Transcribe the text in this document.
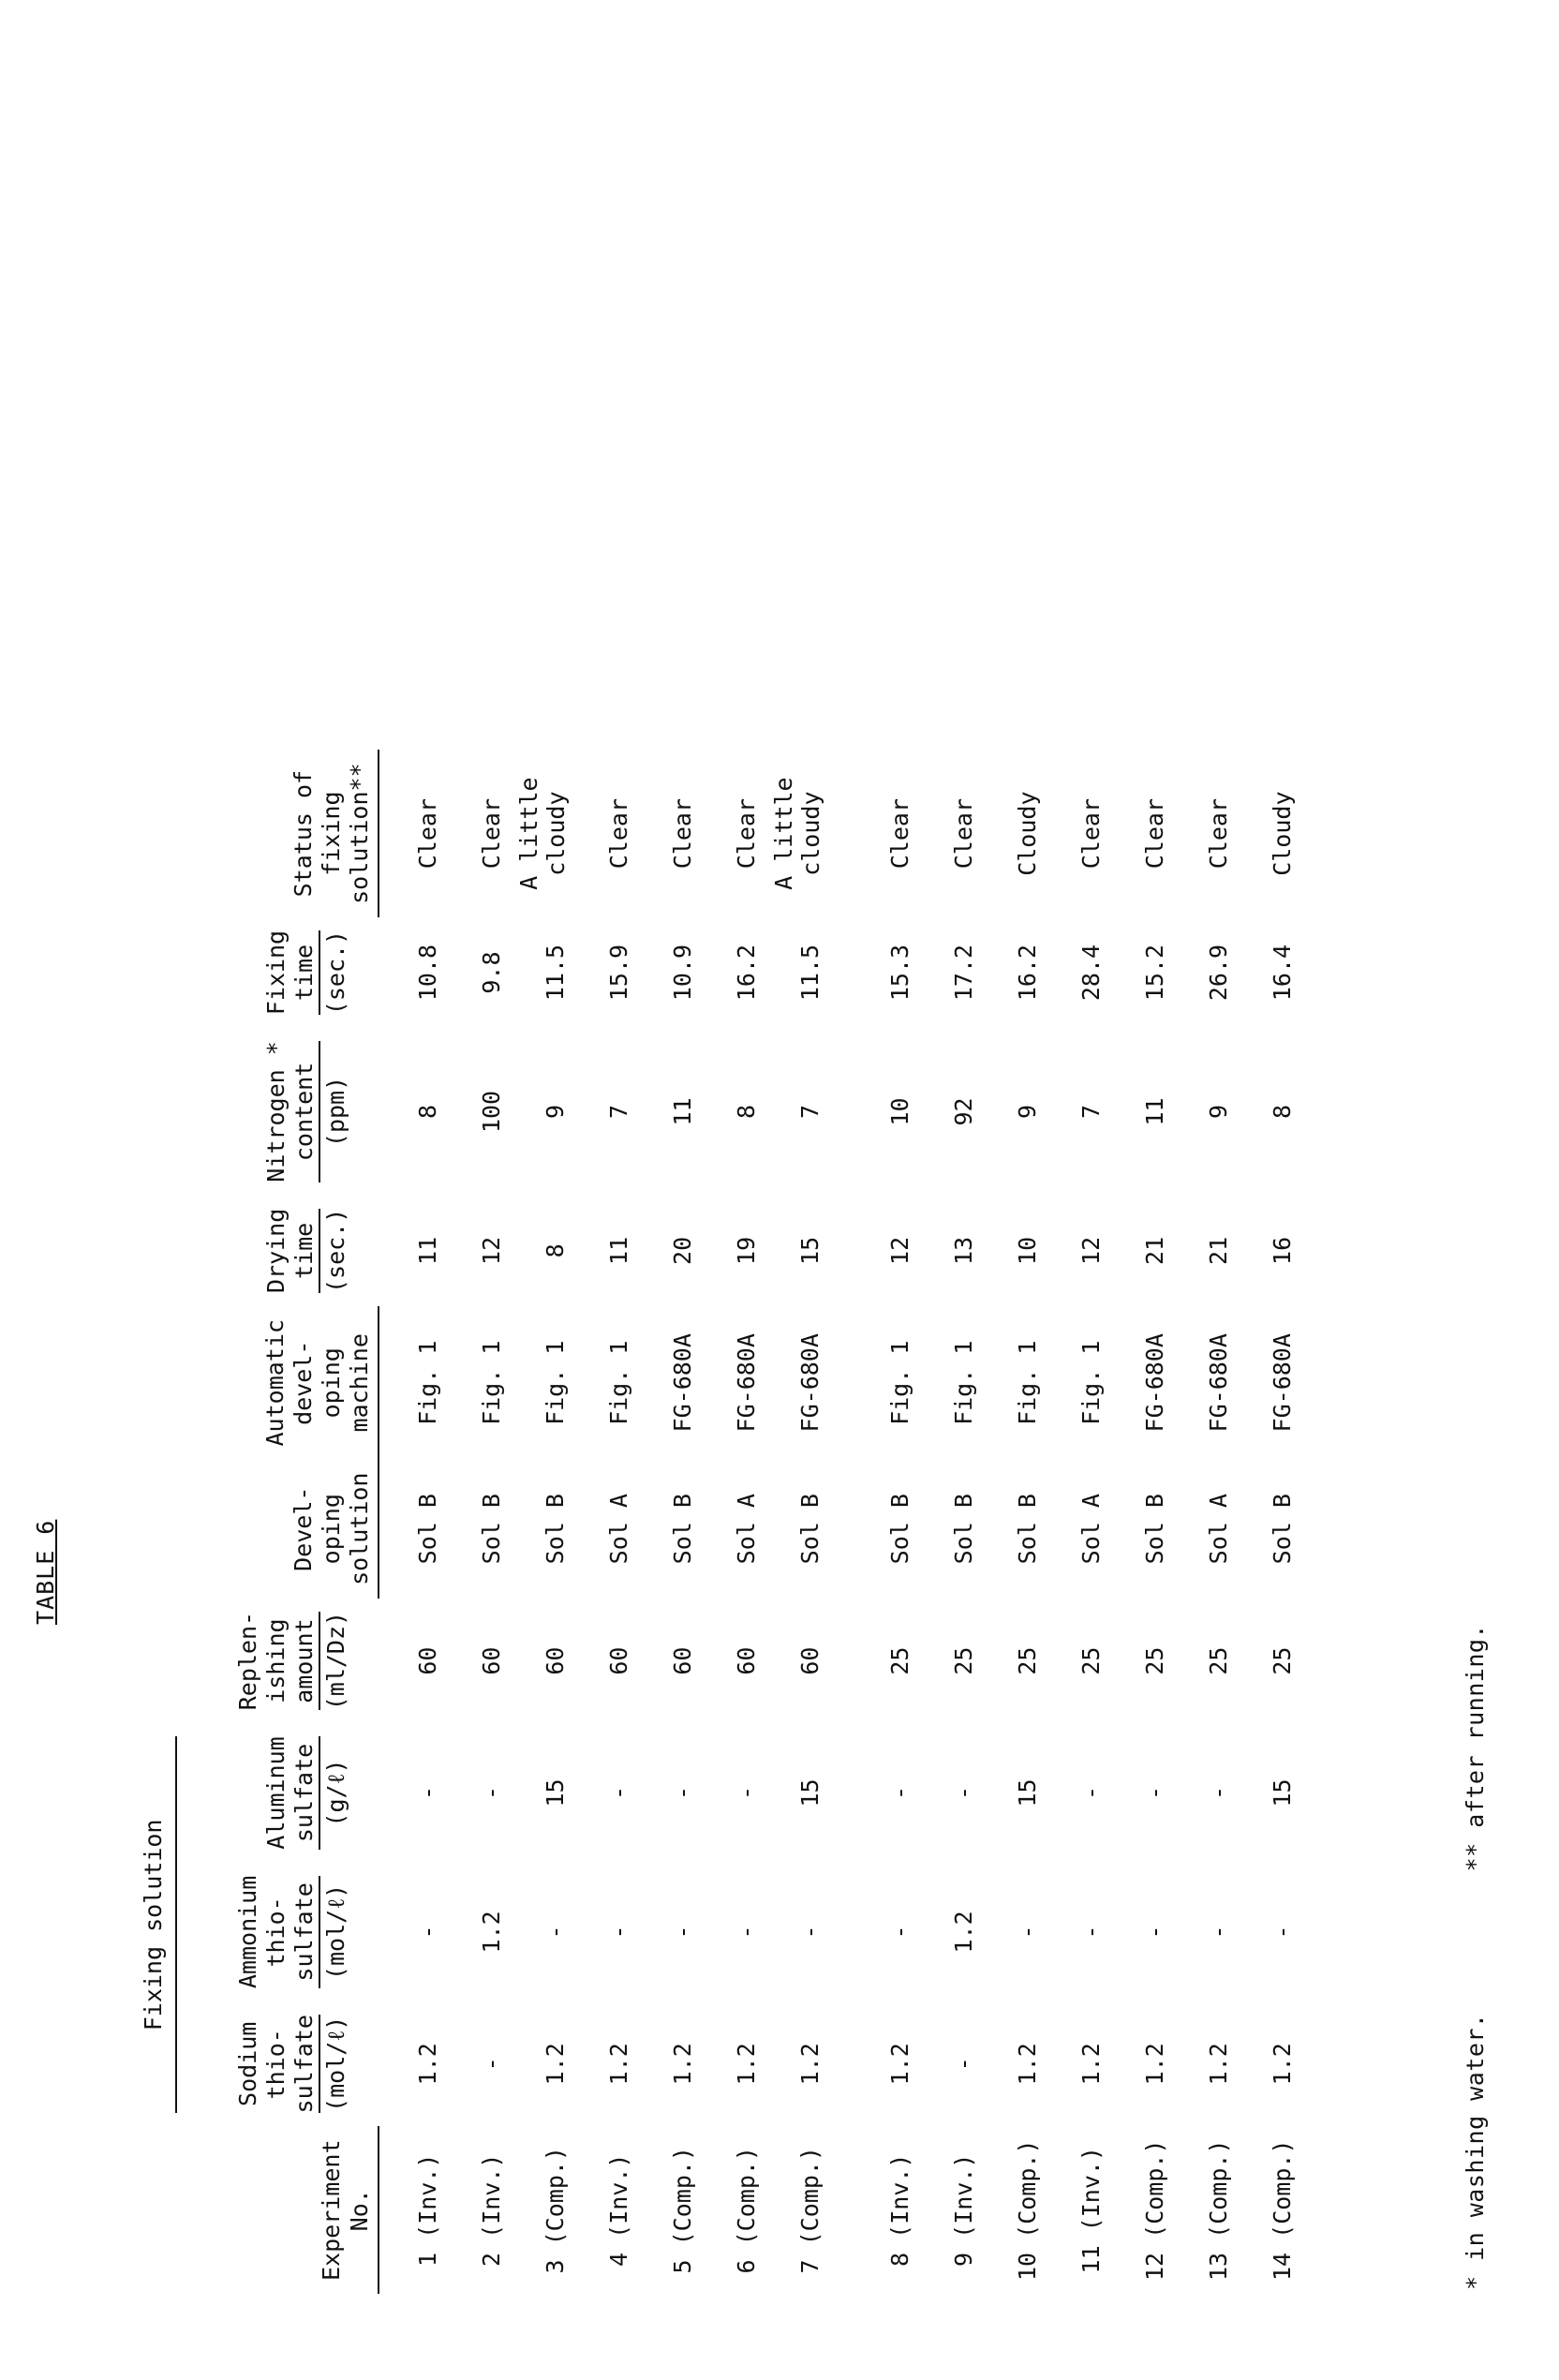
TABLE 6

Fixing solution		

Experiment
No.	Sodium
thio-
sulfate (mol/ℓ)	Ammonium
thio-
sulfate (mol/ℓ)	Aluminum
sulfate (g/ℓ)	Replen-
ishing
amount (ml/Dz)	Devel-
oping
solution	Automatic
devel-
oping
machine	Drying
time (sec.)	Nitrogen *
content (ppm)	Fixing
time (sec.)	Status of
fixing
solution**

1 (Inv.)	1.2	-	-	60	Sol B	Fig. 1	11	8	10.8	Clear
2 (Inv.)	-	1.2	-	60	Sol B	Fig. 1	12	100	9.8	Clear
3 (Comp.)	1.2	-	15	60	Sol B	Fig. 1	8	9	11.5	A little
cloudy
4 (Inv.)	1.2	-	-	60	Sol A	Fig. 1	11	7	15.9	Clear
5 (Comp.)	1.2	-	-	60	Sol B	FG-680A	20	11	10.9	Clear
6 (Comp.)	1.2	-	-	60	Sol A	FG-680A	19	8	16.2	Clear
7 (Comp.)	1.2	-	15	60	Sol B	FG-680A	15	7	11.5	A little
cloudy
8 (Inv.)	1.2	-	-	25	Sol B	Fig. 1	12	10	15.3	Clear
9 (Inv.)	-	1.2	-	25	Sol B	Fig. 1	13	92	17.2	Clear
10 (Comp.)	1.2	-	15	25	Sol B	Fig. 1	10	9	16.2	Cloudy
11 (Inv.)	1.2	-	-	25	Sol A	Fig. 1	12	7	28.4	Clear
12 (Comp.)	1.2	-	-	25	Sol B	FG-680A	21	11	15.2	Clear
13 (Comp.)	1.2	-	-	25	Sol A	FG-680A	21	9	26.9	Clear
14 (Comp.)	1.2	-	15	25	Sol B	FG-680A	16	8	16.4	Cloudy
* in washing water.  ** after running.
